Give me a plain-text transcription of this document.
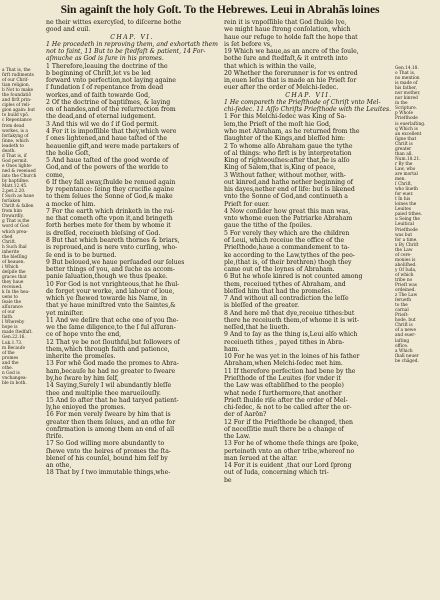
Sin againſt the holy Goſt. To the Hebrewes. Leui in Abrahãs loines
a That is, the
firſt rudiments
of our Chriſ-
tian religion.
b Not to make
the foundatiō
and firſt prin-
ciples of reli-
gion again: but
to build vpō.
c Repentance
from dead
workes, is a
forſakyng of
ſinne, which
leadeth to
death.
d That is, if
God permit.
e Ones lighte-
ned & reeeiued
into the Church
by baptiſme.
Matt.12.45.
2.pet.2.20.
f Such as haue
forſaken
Chriſt & fallen
from him
frowardly.
g That is,the
word of God
which prea-
ched
Chriſt.
h Such ſhal
inherite
the bleſſing
of heauen.
i Which
deſpiſe the
graces that
they haue
receiued.
k In the hea-
uens to
ſeale the
aſſurance
of our
faith.
l Whereby
hope is
made ſtedfaſt.
Gen.22.16.
Luk.1.73.
m Becauſe
of the
promes
and the
othe.
n God is
vnchangea-
ble in both.
ne their wittes exercyſed, to diſcerne bothe
good and euil.
CHAP. VI.
1 He procedeth in reproving them, and exhortath them
not to faint, 11 But to be ſtedfaſt & patient, 14 For-
aſmuche as God is ſure in his promes.
1 Therefore,leauing the doctrine of the
b beginning of Chriſt,let vs be led
forward vnto perfection,not laying againe
ſ fundation ſ of repentance from dead
workes,and of faith towarde God,
2 Of the doctrine of baptiſmes, & laying
on of handes,and of the reſurrection from
the dead,and of eternal iudgement.
3 And this wil we do ſ if God permit.
4 For it is impoſſible that they,which were
ſ ones lightened,and haue taſted of the
heauenlie gift,and were made partakers of
the holie Goſt,
5 And haue taſted of the good worde of
God,and of the powers of the worlde to
come,
6 If they fall away,ſhulde be renued again
by repentance: ſeing they crucifie againe
to them ſelues the Sonne of God,& make
a mocke of him.
7 For the earth which drinketh in the rai-
ne that cometh ofte vpon it,and bringeth
forth herbes mete for them by whome it
is dreſſed, receiueth bleſsing of God.
8 But that which beareth thornes & briars,
is reproued,and is nere vnto curſing, who-
ſe end is to be burned.
9 But beloued,we haue perſuaded our ſelues
better things of you, and ſuche as accom-
panie ſaluation,though we thus ſpeake.
10 For God is not vnrighteous,that he ſhul-
de forget your worke, and labour of loue,
which ye ſhewed towarde his Name, in
that ye haue miniſtred vnto the Saintes,&
yet miniſter.
11 And we deſire that eche one of you ſhe-
we the ſame diligence,to the ſ ful aſſuran-
ce of hope vnto the end,
12 That ye be not ſlouthful,but followers of
them,which through faith and patience,
inherite the promeſes.
13 For whē God made the promes to Abra-
ham,becauſe he had no greater to ſweare
by,he ſware by him ſelf,
14 Saying,Surely I wil abundantly bleſſe
thee and multiplie thee marueilouſly.
15 And ſo after that he had taryed patient-
ly,he enioyed the promes.
16 For men verely ſweare by him that is
greater then them ſelues, and an othe for
confirmation is among them an end of all
ſtrife.
17 So God willing more abundantly to
ſhewe vnto the heires of promes the ſta-
bleneſ of his counſel, bound him ſelf by
an othe,
18 That by ſ two immutable things,whe-
rein it is vnpoſſible that God ſhulde lye,
we might haue ſtrong conſolation, which
haue our refuge to holde faſt the hope that
is ſet before vs,
19 Which we haue,as an ancre of the ſoule,
bothe ſure and ſtedfaſt,& it entreth into
that which is within the vaile,
20 Whether the forerunner is for vs entred
in,euen Ieſus that is made an hie Prieſt for
euer after the order of Melchi-ſedec.
CHAP. VII.
1 He compareth the Prieſthode of Chriſt vnto Mel-
chi-ſedec. 11 Aſſo Chriſts Prieſthode with the Leuites.
1 For this Melchi-ſedec was King of Sa-
lem,the Prieſt of the moſt hie God,
who met Abraham, as he returned from the
ſlaughter of the Kings,and bleſſed him:
2 To whome alſo Abraham gaue the tythe
of al things: who firſt is by interpretation
King of righteouſnes:after that,he is alſo
King of Salem,that is,King of peace,
3 Without father, without mother, with-
out kinred,and hathe nether beginning of
his dayes,nether end of life: but is likened
vnto the Sonne of God,and continueth a
Prieſt for euer.
4 Now conſider how great this man was,
vnto whome euen the Patriarke Abraham
gaue the tithe of the ſpoiles.
5 For verely they which are the children
of Leui, which receiue the office of the
Prieſthode,haue a commandement to ta-
ke according to the Law,tythes of the peo-
ple,(that is, of their brethren) thogh they
came out of the loynes of Abraham.
6 But he whoſe kinred is not counted among
them, receiued tythes of Abraham, and
bleſſed him that had the promeſes.
7 And without all contradiction the leſſe
is bleſſed of the greater.
8 And here mē that dye,receiue tithes:but
there he receiueth them,of whome it is wit-
neſſed,that he liueth.
9 And to ſay as the thing is,Leui alſo which
receiueth tithes , payed tithes in Abra-
ham.
10 For he was yet in the loines of his father
Abraham,when Melchi-ſedec met him.
11 If therefore perfection had bene by the
Prieſthode of the Leuites (for vnder it
the Law was eſtabliſhed to the people)
what nede ſ furthermore,that another
Prieſt ſhulde riſe after the order of Mel-
chi-ſedec, & not to be called after the or-
der of Aarōn?
12 For if the Prieſthode be changed, then
of neceſſitie muſt there be a change of
the Law.
13 For he of whome theſe things are ſpoke,
perteineth vnto an other tribe,whereof no
man ſerued at the altar.
14 For it is euident ,that our Lord ſprong
out of Iuda, concerning which tri-
be
Gen.14.18.
o That is,
no mention
is made of
his father,
nor mother,
nor kinred
in the
Scripture.
p Whoſe
Prieſthode
is euerlaſting.
q Which is
an excellent
ſigne that
Chriſt is
greater
than all.
Num.18.21.
r By the
Law, who
are mortal
men.
ſ Chriſt,
who liueth
for euer.
t In his
loines the
Leuites
paied tithes.
u Seing the
Leuitical
Prieſthode
was but
for a time.
x By Chriſt
the Law
of cere-
monies is
aboliſhed.
y Of Iuda,
of which
tribe no
Prieſt was
ordeined.
z The Law
ſerueth
to the
carnal
Prieſt-
hode, but
Chriſt is
of a newe
and euer-
laſting
office.
a Which
ſhall neuer
be chāged.
